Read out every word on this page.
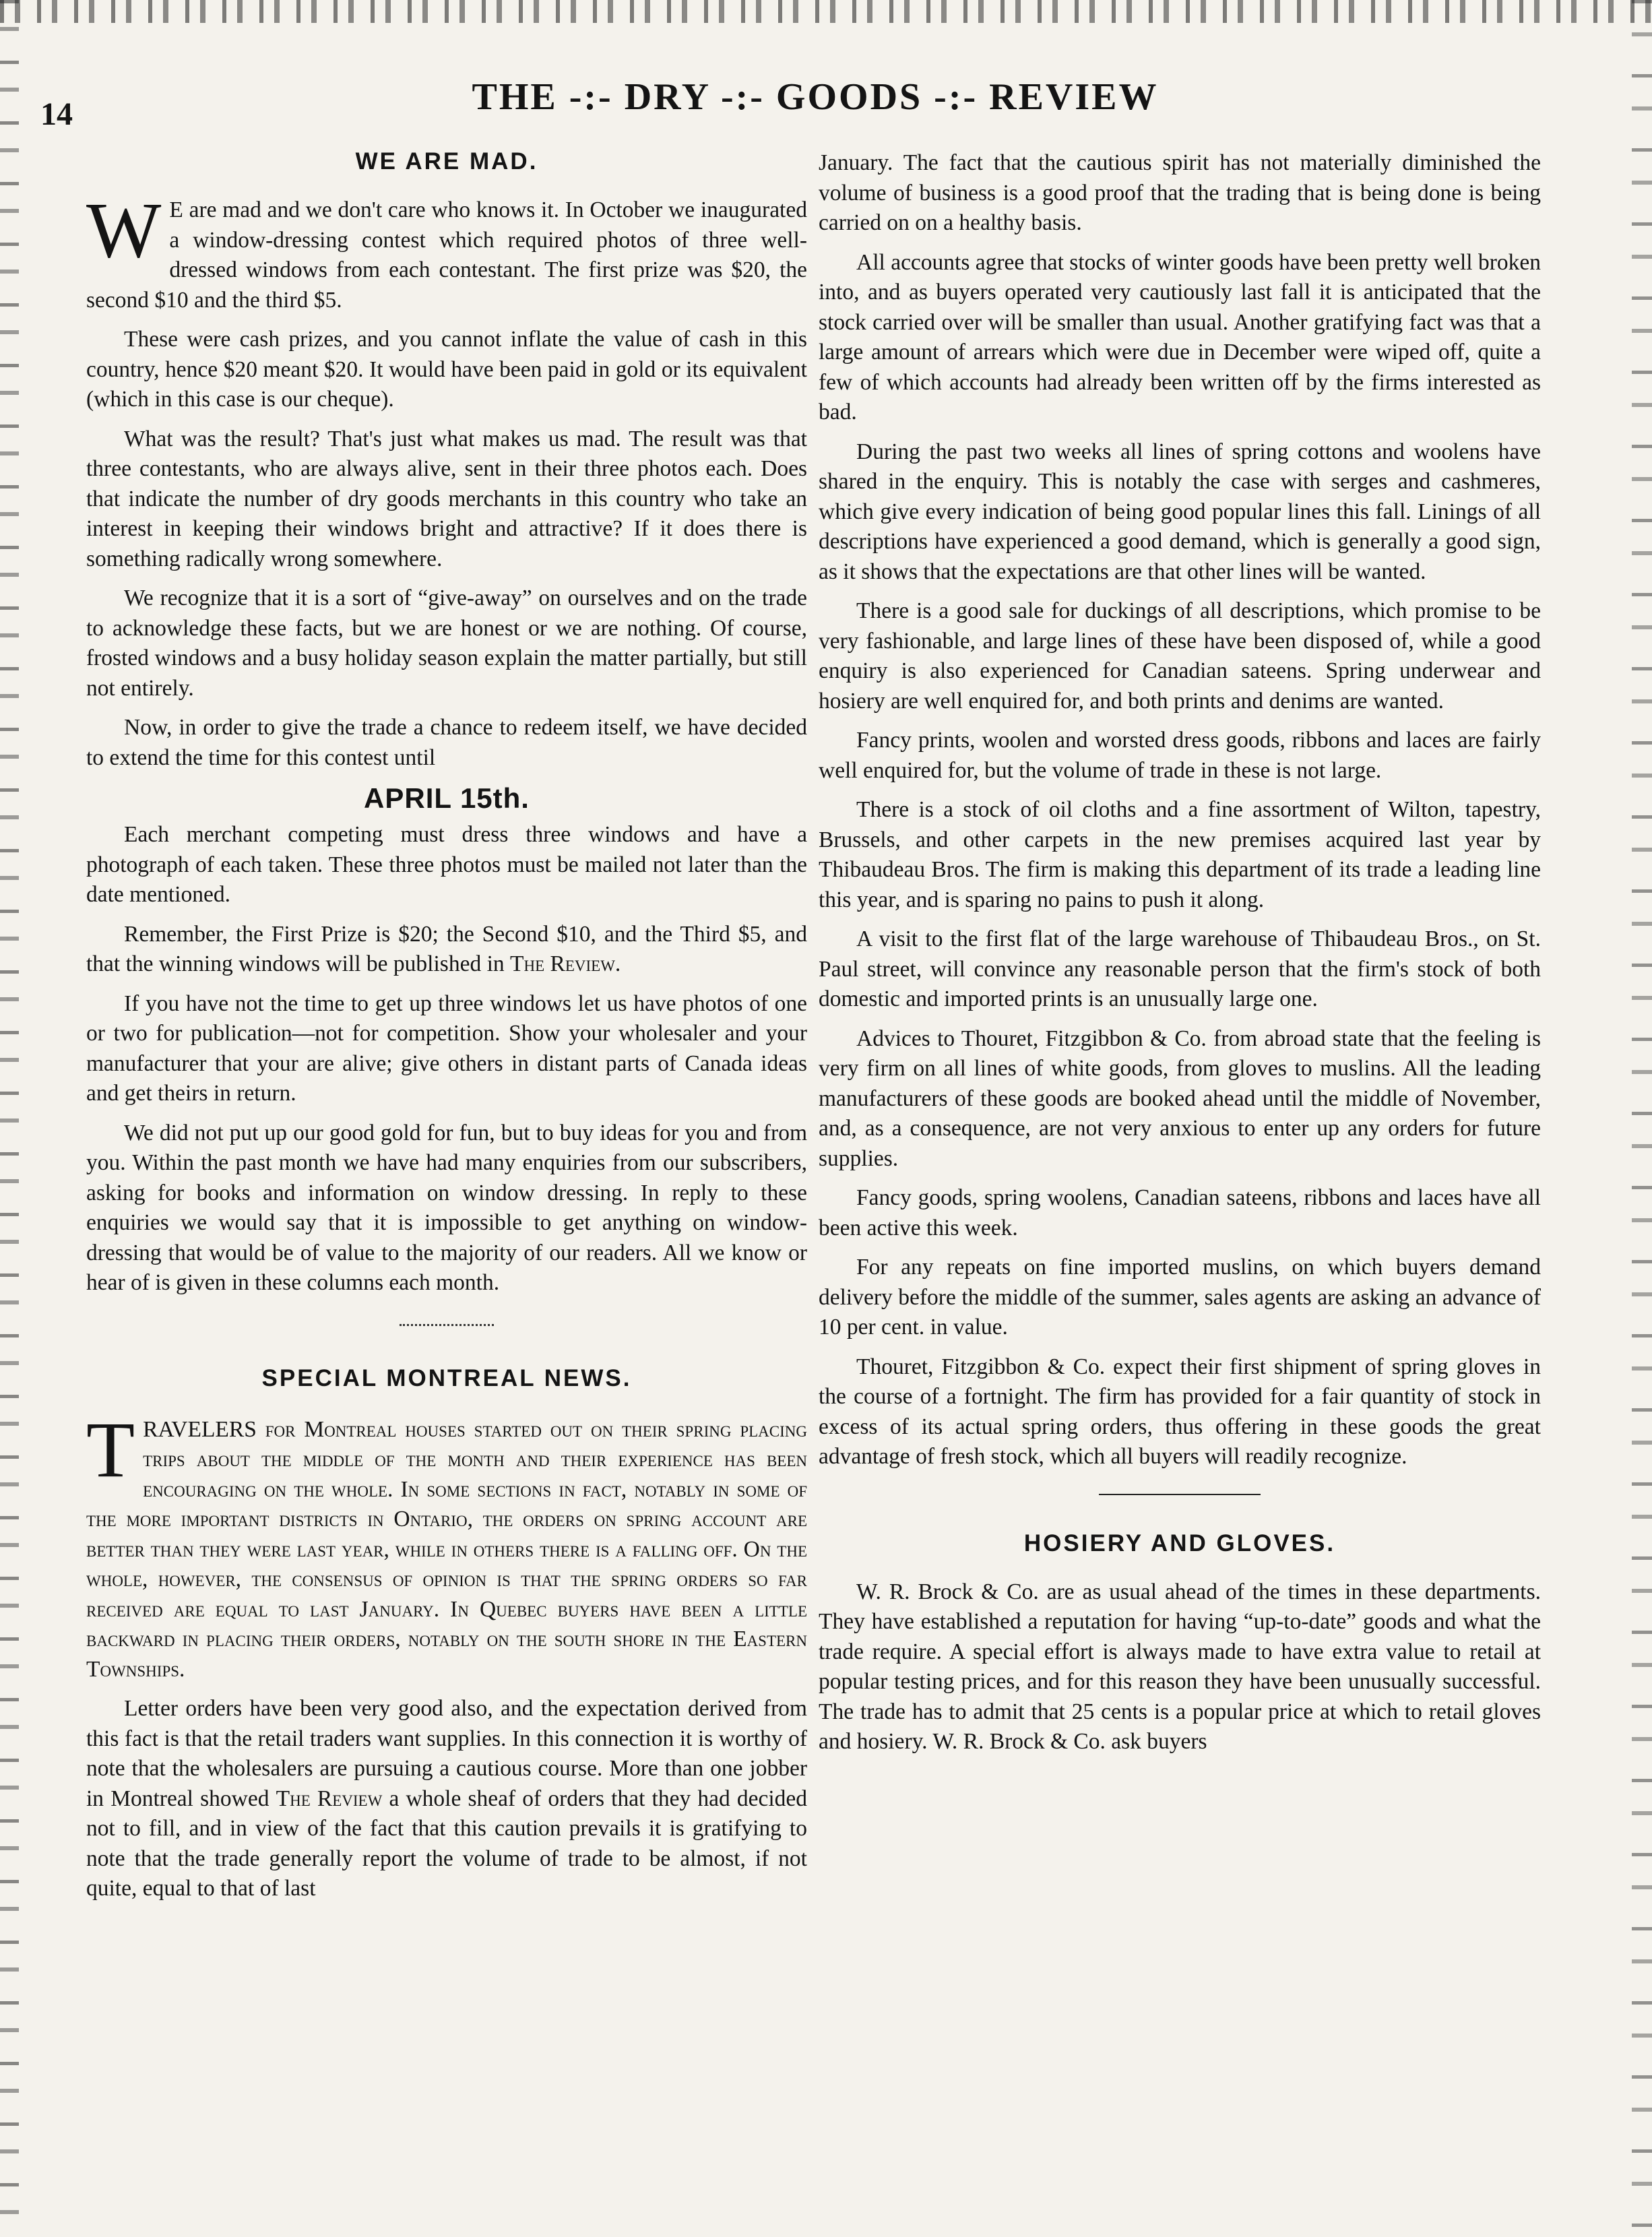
14	THE -:- DRY -:- GOODS -:- REVIEW
WE ARE MAD.

W E are mad and we don't care who knows it. In October we inaugurated a window-dressing contest which required photos of three well-dressed windows from each contestant. The first prize was $20, the second $10 and the third $5.

These were cash prizes, and you cannot inflate the value of cash in this country, hence $20 meant $20. It would have been paid in gold or its equivalent (which in this case is our cheque).

What was the result? That's just what makes us mad. The result was that three contestants, who are always alive, sent in their three photos each. Does that indicate the number of dry goods merchants in this country who take an interest in keeping their windows bright and attractive? If it does there is something radically wrong somewhere.

We recognize that it is a sort of “give-away” on ourselves and on the trade to acknowledge these facts, but we are honest or we are nothing. Of course, frosted windows and a busy holiday season explain the matter partially, but still not entirely.

Now, in order to give the trade a chance to redeem itself, we have decided to extend the time for this contest until

APRIL 15th.

Each merchant competing must dress three windows and have a photograph of each taken. These three photos must be mailed not later than the date mentioned.

Remember, the First Prize is $20; the Second $10, and the Third $5, and that the winning windows will be published in The Review.

If you have not the time to get up three windows let us have photos of one or two for publication—not for competition. Show your wholesaler and your manufacturer that your are alive; give others in distant parts of Canada ideas and get theirs in return.

We did not put up our good gold for fun, but to buy ideas for you and from you. Within the past month we have had many enquiries from our subscribers, asking for books and information on window dressing. In reply to these enquiries we would say that it is impossible to get anything on window-dressing that would be of value to the majority of our readers. All we know or hear of is given in these columns each month.

SPECIAL MONTREAL NEWS.

TRAVELERS for Montreal houses started out on their spring placing trips about the middle of the month and their experience has been encouraging on the whole. In some sections in fact, notably in some of the more important districts in Ontario, the orders on spring account are better than they were last year, while in others there is a falling off. On the whole, however, the consensus of opinion is that the spring orders so far received are equal to last January. In Quebec buyers have been a little backward in placing their orders, notably on the south shore in the Eastern Townships.

Letter orders have been very good also, and the expectation derived from this fact is that the retail traders want supplies. In this connection it is worthy of note that the wholesalers are pursuing a cautious course. More than one jobber in Montreal showed The Review a whole sheaf of orders that they had decided not to fill, and in view of the fact that this caution prevails it is gratifying to note that the trade generally report the volume of trade to be almost, if not quite, equal to that of last

January. The fact that the cautious spirit has not materially diminished the volume of business is a good proof that the trading that is being done is being carried on on a healthy basis.

All accounts agree that stocks of winter goods have been pretty well broken into, and as buyers operated very cautiously last fall it is anticipated that the stock carried over will be smaller than usual. Another gratifying fact was that a large amount of arrears which were due in December were wiped off, quite a few of which accounts had already been written off by the firms interested as bad.

During the past two weeks all lines of spring cottons and woolens have shared in the enquiry. This is notably the case with serges and cashmeres, which give every indication of being good popular lines this fall. Linings of all descriptions have experienced a good demand, which is generally a good sign, as it shows that the expectations are that other lines will be wanted.

There is a good sale for duckings of all descriptions, which promise to be very fashionable, and large lines of these have been disposed of, while a good enquiry is also experienced for Canadian sateens. Spring underwear and hosiery are well enquired for, and both prints and denims are wanted.

Fancy prints, woolen and worsted dress goods, ribbons and laces are fairly well enquired for, but the volume of trade in these is not large.

There is a stock of oil cloths and a fine assortment of Wilton, tapestry, Brussels, and other carpets in the new premises acquired last year by Thibaudeau Bros. The firm is making this department of its trade a leading line this year, and is sparing no pains to push it along.

A visit to the first flat of the large warehouse of Thibaudeau Bros., on St. Paul street, will convince any reasonable person that the firm's stock of both domestic and imported prints is an unusually large one.

Advices to Thouret, Fitzgibbon & Co. from abroad state that the feeling is very firm on all lines of white goods, from gloves to muslins. All the leading manufacturers of these goods are booked ahead until the middle of November, and, as a consequence, are not very anxious to enter up any orders for future supplies.

Fancy goods, spring woolens, Canadian sateens, ribbons and laces have all been active this week.

For any repeats on fine imported muslins, on which buyers demand delivery before the middle of the summer, sales agents are asking an advance of 10 per cent. in value.

Thouret, Fitzgibbon & Co. expect their first shipment of spring gloves in the course of a fortnight. The firm has provided for a fair quantity of stock in excess of its actual spring orders, thus offering in these goods the great advantage of fresh stock, which all buyers will readily recognize.

HOSIERY AND GLOVES.

W. R. Brock & Co. are as usual ahead of the times in these departments. They have established a reputation for having “up-to-date” goods and what the trade require. A special effort is always made to have extra value to retail at popular testing prices, and for this reason they have been unusually successful. The trade has to admit that 25 cents is a popular price at which to retail gloves and hosiery. W. R. Brock & Co. ask buyers
